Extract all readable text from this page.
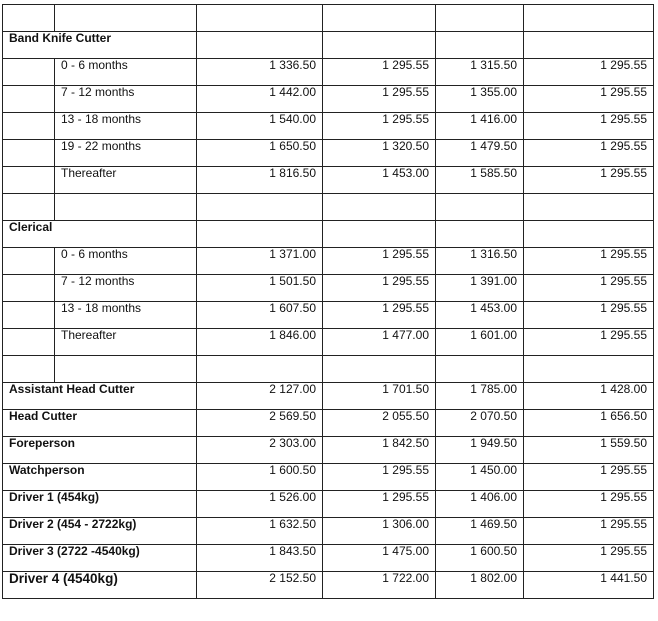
Band Knife Cutter					
	0 - 6 months	1 336.50	1 295.55	1 315.50	1 295.55
	7 - 12 months	1 442.00	1 295.55	1 355.00	1 295.55
	13 - 18 months	1 540.00	1 295.55	1 416.00	1 295.55
	19 - 22 months	1 650.50	1 320.50	1 479.50	1 295.55
	Thereafter	1 816.50	1 453.00	1 585.50	1 295.55

Clerical					
	0 - 6 months	1 371.00	1 295.55	1 316.50	1 295.55
	7 - 12 months	1 501.50	1 295.55	1 391.00	1 295.55
	13 - 18 months	1 607.50	1 295.55	1 453.00	1 295.55
	Thereafter	1 846.00	1 477.00	1 601.00	1 295.55

Assistant Head Cutter		2 127.00	1 701.50	1 785.00	1 428.00
Head Cutter		2 569.50	2 055.50	2 070.50	1 656.50
Foreperson		2 303.00	1 842.50	1 949.50	1 559.50
Watchperson		1 600.50	1 295.55	1 450.00	1 295.55
Driver 1 (454kg)		1 526.00	1 295.55	1 406.00	1 295.55
Driver 2 (454 - 2722kg)		1 632.50	1 306.00	1 469.50	1 295.55
Driver 3 (2722 -4540kg)		1 843.50	1 475.00	1 600.50	1 295.55
Driver 4 (4540kg)		2 152.50	1 722.00	1 802.00	1 441.50
